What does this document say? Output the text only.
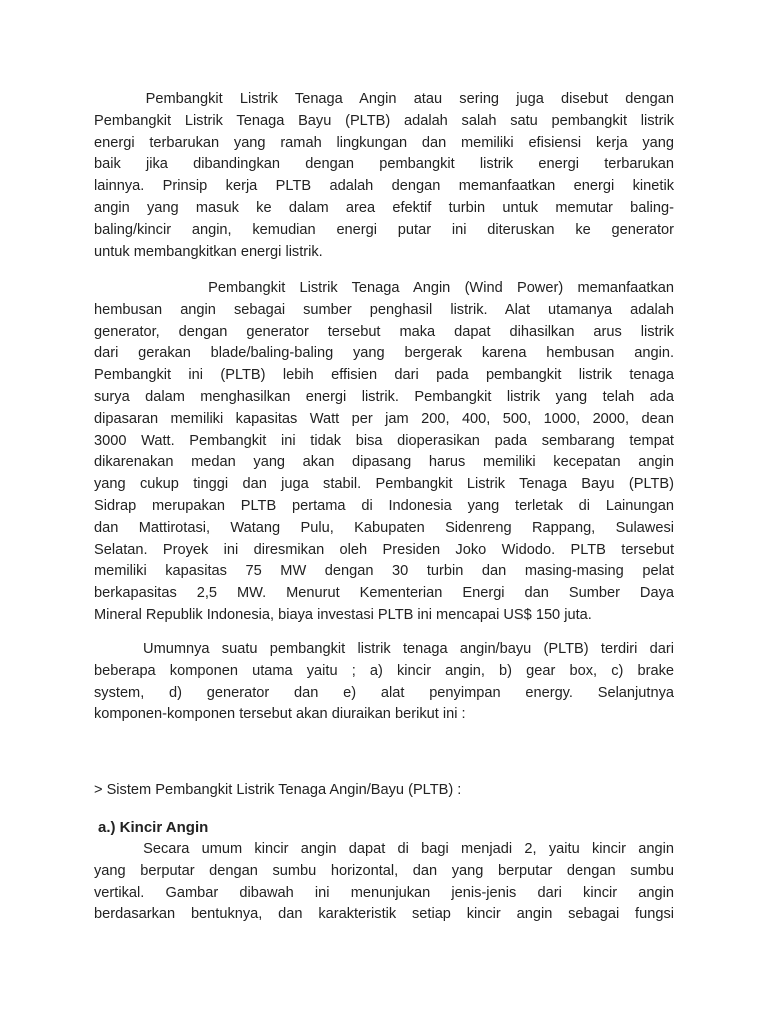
Pembangkit Listrik Tenaga Angin atau sering juga disebut dengan
Pembangkit Listrik Tenaga Bayu (PLTB) adalah salah satu pembangkit listrik
energi terbarukan yang ramah lingkungan dan memiliki efisiensi kerja yang
baik jika dibandingkan dengan pembangkit listrik energi terbarukan
lainnya. Prinsip kerja PLTB adalah dengan memanfaatkan energi kinetik
angin yang masuk ke dalam area efektif turbin untuk memutar baling-
baling/kincir angin, kemudian energi putar ini diteruskan ke generator
untuk membangkitkan energi listrik.
Pembangkit Listrik Tenaga Angin (Wind Power) memanfaatkan
hembusan angin sebagai sumber penghasil listrik. Alat utamanya adalah
generator, dengan generator tersebut maka dapat dihasilkan arus listrik
dari gerakan blade/baling-baling yang bergerak karena hembusan angin.
Pembangkit ini (PLTB) lebih effisien dari pada pembangkit listrik tenaga
surya dalam menghasilkan energi listrik. Pembangkit listrik yang telah ada
dipasaran memiliki kapasitas Watt per jam 200, 400, 500, 1000, 2000, dean
3000 Watt. Pembangkit ini tidak bisa dioperasikan pada sembarang tempat
dikarenakan medan yang akan dipasang harus memiliki kecepatan angin
yang cukup tinggi dan juga stabil. Pembangkit Listrik Tenaga Bayu (PLTB)
Sidrap merupakan PLTB pertama di Indonesia yang terletak di Lainungan
dan Mattirotasi, Watang Pulu, Kabupaten Sidenreng Rappang, Sulawesi
Selatan. Proyek ini diresmikan oleh Presiden Joko Widodo. PLTB tersebut
memiliki kapasitas 75 MW dengan 30 turbin dan masing-masing pelat
berkapasitas 2,5 MW. Menurut Kementerian Energi dan Sumber Daya
Mineral Republik Indonesia, biaya investasi PLTB ini mencapai US$ 150 juta.
Umumnya suatu pembangkit listrik tenaga angin/bayu (PLTB) terdiri dari
beberapa komponen utama yaitu ; a) kincir angin, b) gear box, c) brake
system, d) generator dan e) alat penyimpan energy. Selanjutnya
komponen-komponen tersebut akan diuraikan berikut ini :
> Sistem Pembangkit Listrik Tenaga Angin/Bayu (PLTB) :
a.) Kincir Angin
Secara umum kincir angin dapat di bagi menjadi 2, yaitu kincir angin
yang berputar dengan sumbu horizontal, dan yang berputar dengan sumbu
vertikal. Gambar dibawah ini menunjukan jenis-jenis dari kincir angin
berdasarkan bentuknya, dan karakteristik setiap kincir angin sebagai fungsi
